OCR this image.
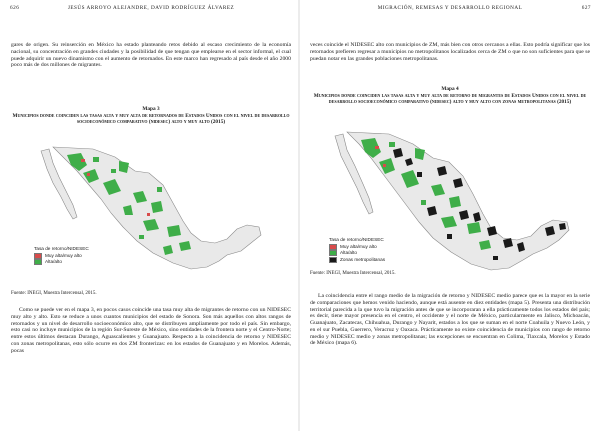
626	JESÚS ARROYO ALEJANDRE, DAVID RODRÍGUEZ ÁLVAREZ

gares de origen. Su reinserción en México ha estado planteando retos debido al escaso crecimiento de la economía nacional, su concentración en grandes ciudades y la posibilidad de que tengan que emplearse en el sector informal, el cual puede adquirir un nuevo dinamismo con el aumento de retornados. En este marco han regresado al país desde el año 2000 poco más de dos millones de migrantes.

Mapa 3
Municipios donde coinciden las tasas alta y muy alta de retornados de Estados Unidos con el nivel de desarrollo socioeconómico comparativo (nidesec) alto y muy alto (2015)
Tasa de retorno/NIDESEC
Muy alta/muy alto
Alta/alto
Fuente: INEGI, Muestra Intercensal, 2015.

Como se puede ver en el mapa 3, en pocos casos coincide una tasa muy alta de migrantes de retorno con un NIDESEC muy alto y alto. Esto se reduce a unos cuantos municipios del estado de Sonora. Son más aquellos con altos rangos de retornados y un nivel de desarrollo socioeconómico alto, que se distribuyen ampliamente por todo el país. Sin embargo, esto casi no incluye municipios de la región Sur-Sureste de México, sino entidades de la frontera norte y el Centro-Norte; entre estos últimos destacan Durango, Aguascalientes y Guanajuato. Respecto a la coincidencia de retorno y NIDESEC con zonas metropolitanas, esto sólo ocurre en dos ZM fronterizas: en los estados de Guanajuato y en Morelos. Además, pocas

MIGRACIÓN, REMESAS Y DESARROLLO REGIONAL	627

veces coincide el NIDESEC alto con municipios de ZM, más bien con otros cercanos a ellas. Esto podría significar que los retornados prefieren regresar a municipios no metropolitanos localizados cerca de ZM o que no son suficientes para que se puedan notar en las grandes poblaciones metropolitanas.

Mapa 4
Municipios donde coinciden las tasas alta y muy alta de retorno de migrantes de Estados Unidos con el nivel de desarrollo socioeconómico comparativo (nidesec) alto y muy alto con zonas metropolitanas (2015)
Tasa de retorno/NIDESEC
Muy alta/muy alto
Alta/alto
Zonas metropolitanas
Fuente: INEGI, Muestra Intercensal, 2015.

La coincidencia entre el rango medio de la migración de retorno y NIDESEC medio parece que es la mayor en la serie de comparaciones que hemos venido haciendo, aunque está ausente en diez entidades (mapa 5). Presenta una distribución territorial parecida a la que tuvo la migración antes de que se incorporaran a ella prácticamente todos los estados del país; es decir, tiene mayor presencia en el centro, el occidente y el norte de México, particularmente en Jalisco, Michoacán, Guanajuato, Zacatecas, Chihuahua, Durango y Nayarit, estados a los que se suman en el norte Coahuila y Nuevo León, y en el sur Puebla, Guerrero, Veracruz y Oaxaca. Prácticamente no existe coincidencia de municipios con rango de retorno medio y NIDESEC medio y zonas metropolitanas; las excepciones se encuentran en Colima, Tlaxcala, Morelos y Estado de México (mapa 6).
